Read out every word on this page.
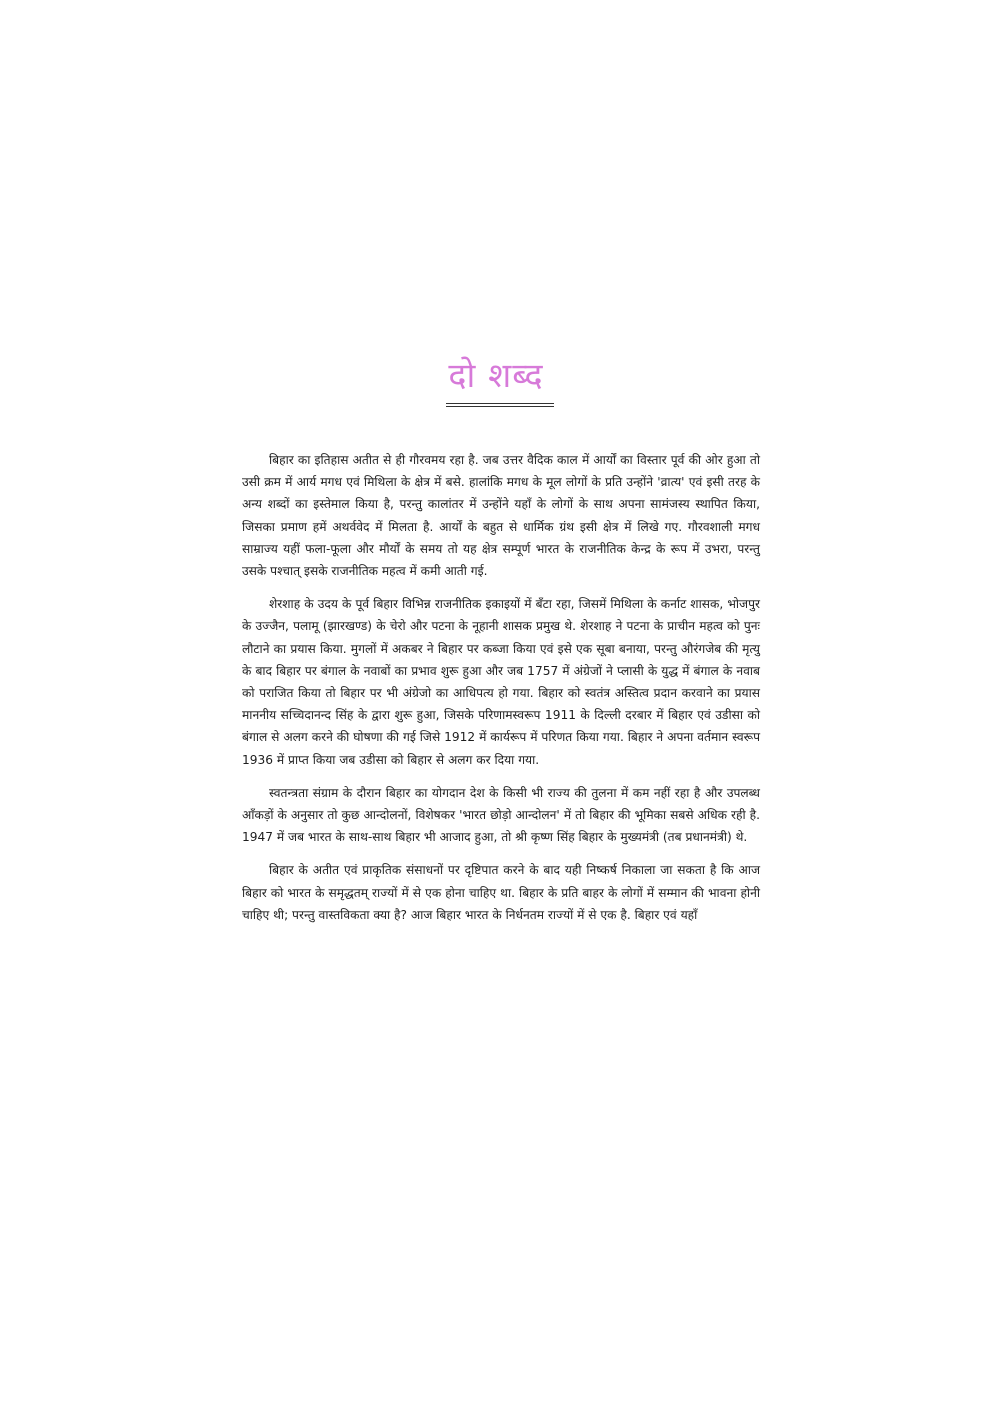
दो शब्द

बिहार का इतिहास अतीत से ही गौरवमय रहा है. जब उत्तर वैदिक काल में आर्यों का विस्तार पूर्व की ओर हुआ तो उसी क्रम में आर्य मगध एवं मिथिला के क्षेत्र में बसे. हालांकि मगध के मूल लोगों के प्रति उन्होंने 'व्रात्य' एवं इसी तरह के अन्य शब्दों का इस्तेमाल किया है, परन्तु कालांतर में उन्होंने यहाँ के लोगों के साथ अपना सामंजस्य स्थापित किया, जिसका प्रमाण हमें अथर्ववेद में मिलता है. आर्यों के बहुत से धार्मिक ग्रंथ इसी क्षेत्र में लिखे गए. गौरवशाली मगध साम्राज्य यहीं फला-फूला और मौर्यों के समय तो यह क्षेत्र सम्पूर्ण भारत के राजनीतिक केन्द्र के रूप में उभरा, परन्तु उसके पश्चात् इसके राजनीतिक महत्व में कमी आती गई.

शेरशाह के उदय के पूर्व बिहार विभिन्न राजनीतिक इकाइयों में बँटा रहा, जिसमें मिथिला के कर्नाट शासक, भोजपुर के उज्जैन, पलामू (झारखण्ड) के चेरो और पटना के नूहानी शासक प्रमुख थे. शेरशाह ने पटना के प्राचीन महत्व को पुनः लौटाने का प्रयास किया. मुगलों में अकबर ने बिहार पर कब्जा किया एवं इसे एक सूबा बनाया, परन्तु औरंगजेब की मृत्यु के बाद बिहार पर बंगाल के नवाबों का प्रभाव शुरू हुआ और जब 1757 में अंग्रेजों ने प्लासी के युद्ध में बंगाल के नवाब को पराजित किया तो बिहार पर भी अंग्रेजो का आधिपत्य हो गया. बिहार को स्वतंत्र अस्तित्व प्रदान करवाने का प्रयास माननीय सच्चिदानन्द सिंह के द्वारा शुरू हुआ, जिसके परिणामस्वरूप 1911 के दिल्ली दरबार में बिहार एवं उडीसा को बंगाल से अलग करने की घोषणा की गई जिसे 1912 में कार्यरूप में परिणत किया गया. बिहार ने अपना वर्तमान स्वरूप 1936 में प्राप्त किया जब उडीसा को बिहार से अलग कर दिया गया.

स्वतन्त्रता संग्राम के दौरान बिहार का योगदान देश के किसी भी राज्य की तुलना में कम नहीं रहा है और उपलब्ध आँकड़ों के अनुसार तो कुछ आन्दोलनों, विशेषकर 'भारत छोड़ो आन्दोलन' में तो बिहार की भूमिका सबसे अधिक रही है. 1947 में जब भारत के साथ-साथ बिहार भी आजाद हुआ, तो श्री कृष्ण सिंह बिहार के मुख्यमंत्री (तब प्रधानमंत्री) थे.

बिहार के अतीत एवं प्राकृतिक संसाधनों पर दृष्टिपात करने के बाद यही निष्कर्ष निकाला जा सकता है कि आज बिहार को भारत के समृद्धतम् राज्यों में से एक होना चाहिए था. बिहार के प्रति बाहर के लोगों में सम्मान की भावना होनी चाहिए थी; परन्तु वास्तविकता क्या है? आज बिहार भारत के निर्धनतम राज्यों में से एक है. बिहार एवं यहाँ
